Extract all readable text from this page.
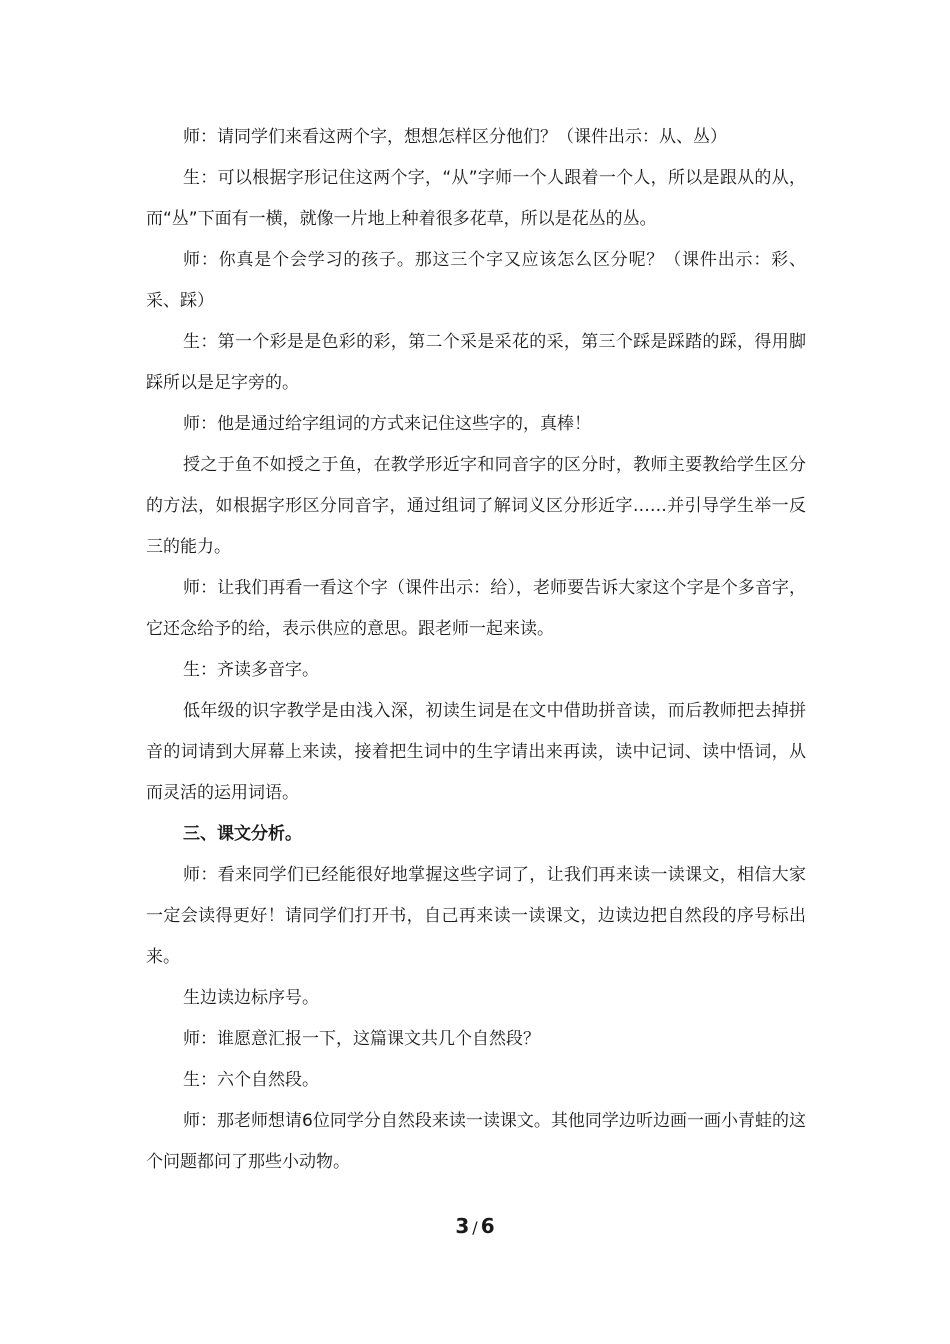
师：请同学们来看这两个字，想想怎样区分他们？（课件出示：从、丛）

生：可以根据字形记住这两个字，“从”字师一个人跟着一个人，所以是跟从的从，而“丛”下面有一横，就像一片地上种着很多花草，所以是花丛的丛。

师：你真是个会学习的孩子。那这三个字又应该怎么区分呢？（课件出示：彩、采、踩）

生：第一个彩是是色彩的彩，第二个采是采花的采，第三个踩是踩踏的踩，得用脚踩所以是足字旁的。

师：他是通过给字组词的方式来记住这些字的，真棒！

授之于鱼不如授之于鱼，在教学形近字和同音字的区分时，教师主要教给学生区分的方法，如根据字形区分同音字，通过组词了解词义区分形近字……并引导学生举一反三的能力。

师：让我们再看一看这个字（课件出示：给），老师要告诉大家这个字是个多音字，它还念给予的给，表示供应的意思。跟老师一起来读。

生：齐读多音字。

低年级的识字教学是由浅入深，初读生词是在文中借助拼音读，而后教师把去掉拼音的词请到大屏幕上来读，接着把生词中的生字请出来再读，读中记词、读中悟词，从而灵活的运用词语。

三、课文分析。

师：看来同学们已经能很好地掌握这些字词了，让我们再来读一读课文，相信大家一定会读得更好！请同学们打开书，自己再来读一读课文，边读边把自然段的序号标出来。

生边读边标序号。

师：谁愿意汇报一下，这篇课文共几个自然段？

生：六个自然段。

师：那老师想请6位同学分自然段来读一读课文。其他同学边听边画一画小青蛙的这个问题都问了那些小动物。

3 / 6
